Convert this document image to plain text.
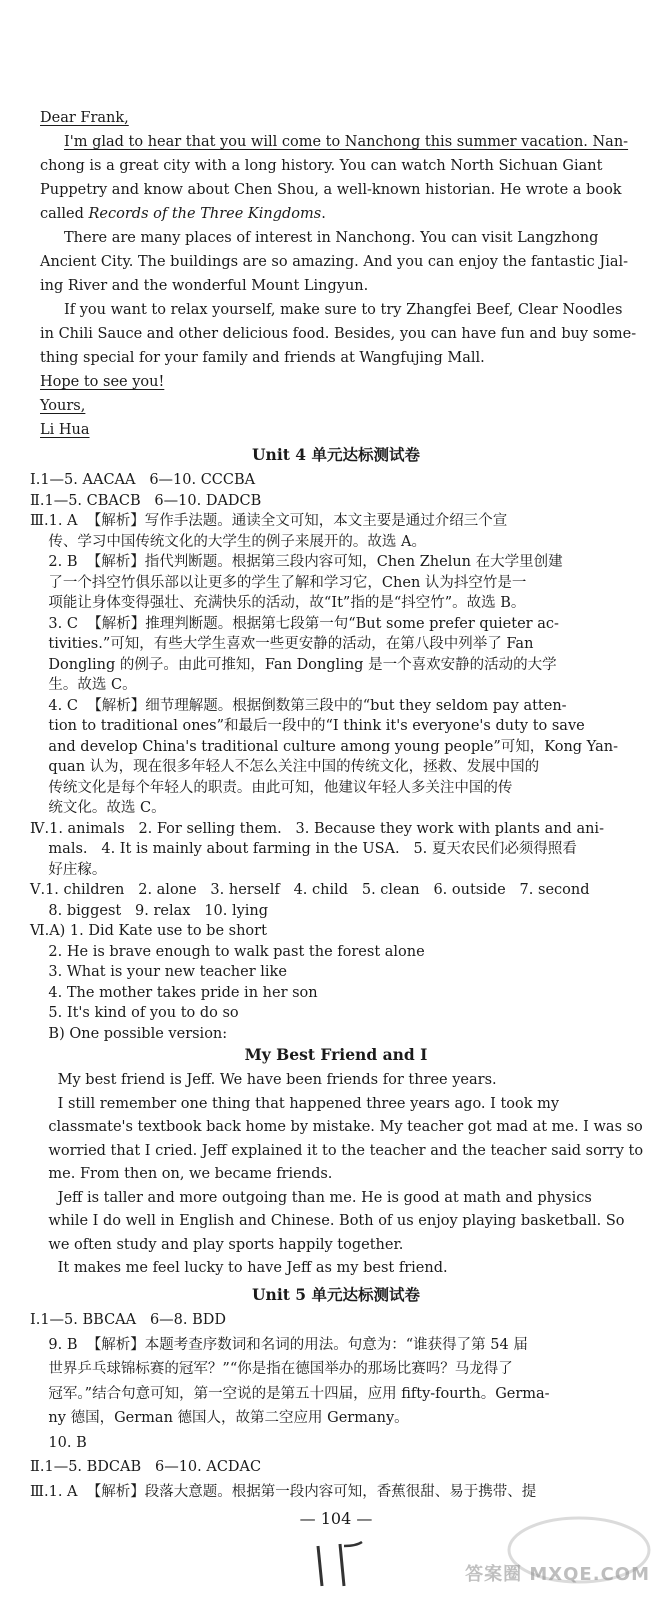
Dear Frank,
I'm glad to hear that you will come to Nanchong this summer vacation. Nan-
chong is a great city with a long history. You can watch North Sichuan Giant
Puppetry and know about Chen Shou, a well-known historian. He wrote a book
called Records of the Three Kingdoms.
There are many places of interest in Nanchong. You can visit Langzhong
Ancient City. The buildings are so amazing. And you can enjoy the fantastic Jial-
ing River and the wonderful Mount Lingyun.
If you want to relax yourself, make sure to try Zhangfei Beef, Clear Noodles
in Chili Sauce and other delicious food. Besides, you can have fun and buy some-
thing special for your family and friends at Wangfujing Mall.
Hope to see you!
Yours,
Li Hua
Unit 4 单元达标测试卷
Ⅰ.1—5. AACAA   6—10. CCCBA
Ⅱ.1—5. CBACB   6—10. DADCB
Ⅲ.1. A  【解析】写作手法题。通读全文可知，本文主要是通过介绍三个宣
传、学习中国传统文化的大学生的例子来展开的。故选 A。
2. B  【解析】指代判断题。根据第三段内容可知，Chen Zhelun 在大学里创建
了一个抖空竹俱乐部以让更多的学生了解和学习它，Chen 认为抖空竹是一
项能让身体变得强壮、充满快乐的活动，故“It”指的是“抖空竹”。故选 B。
3. C  【解析】推理判断题。根据第七段第一句“But some prefer quieter ac-
tivities.”可知，有些大学生喜欢一些更安静的活动，在第八段中列举了 Fan
Dongling 的例子。由此可推知，Fan Dongling 是一个喜欢安静的活动的大学
生。故选 C。
4. C  【解析】细节理解题。根据倒数第三段中的“but they seldom pay atten-
tion to traditional ones”和最后一段中的“I think it's everyone's duty to save
and develop China's traditional culture among young people”可知，Kong Yan-
quan 认为，现在很多年轻人不怎么关注中国的传统文化，拯救、发展中国的
传统文化是每个年轻人的职责。由此可知，他建议年轻人多关注中国的传
统文化。故选 C。
Ⅳ.1. animals   2. For selling them.   3. Because they work with plants and ani-
mals.   4. It is mainly about farming in the USA.   5. 夏天农民们必须得照看
好庄稼。
Ⅴ.1. children   2. alone   3. herself   4. child   5. clean   6. outside   7. second
8. biggest   9. relax   10. lying
Ⅵ.A) 1. Did Kate use to be short
2. He is brave enough to walk past the forest alone
3. What is your new teacher like
4. The mother takes pride in her son
5. It's kind of you to do so
B) One possible version:
My Best Friend and I
My best friend is Jeff. We have been friends for three years.
I still remember one thing that happened three years ago. I took my
classmate's textbook back home by mistake. My teacher got mad at me. I was so
worried that I cried. Jeff explained it to the teacher and the teacher said sorry to
me. From then on, we became friends.
Jeff is taller and more outgoing than me. He is good at math and physics
while I do well in English and Chinese. Both of us enjoy playing basketball. So
we often study and play sports happily together.
It makes me feel lucky to have Jeff as my best friend.
Unit 5 单元达标测试卷
Ⅰ.1—5. BBCAA   6—8. BDD
9. B  【解析】本题考查序数词和名词的用法。句意为：“谁获得了第 54 届
世界乒乓球锦标赛的冠军？”“你是指在德国举办的那场比赛吗？马龙得了
冠军。”结合句意可知，第一空说的是第五十四届，应用 fifty-fourth。Germa-
ny 德国，German 德国人，故第二空应用 Germany。
10. B
Ⅱ.1—5. BDCAB   6—10. ACDAC
Ⅲ.1. A  【解析】段落大意题。根据第一段内容可知，香蕉很甜、易于携带、提
— 104 —
答案圈 MXQE.COM
